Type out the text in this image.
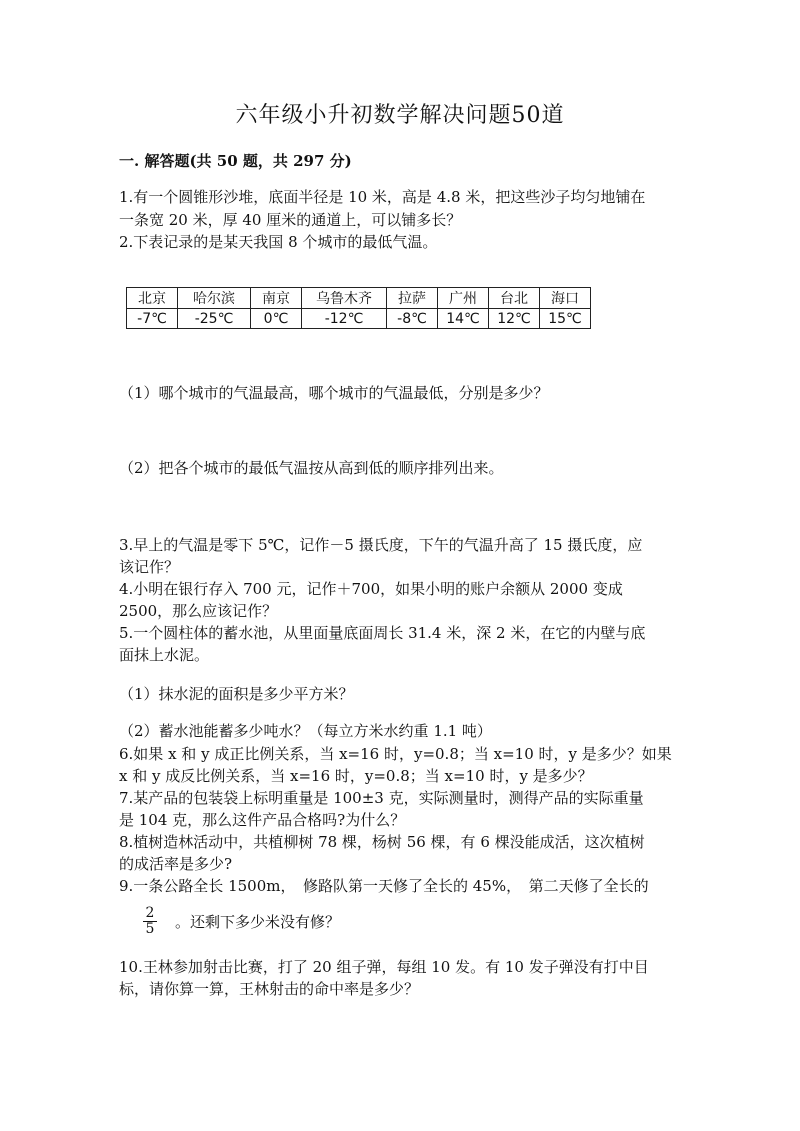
六年级小升初数学解决问题50道
一. 解答题(共 50 题，共 297 分)
1.有一个圆锥形沙堆，底面半径是 10 米，高是 4.8 米，把这些沙子均匀地铺在
一条宽 20 米，厚 40 厘米的通道上，可以铺多长？
2.下表记录的是某天我国 8 个城市的最低气温。
北京	哈尔滨	南京	乌鲁木齐	拉萨	广州	台北	海口
-7℃	-25℃	0℃	-12℃	-8℃	14℃	12℃	15℃
（1）哪个城市的气温最高，哪个城市的气温最低，分别是多少？
（2）把各个城市的最低气温按从高到低的顺序排列出来。
3.早上的气温是零下 5℃，记作－5 摄氏度，下午的气温升高了 15 摄氏度，应
该记作？
4.小明在银行存入 700 元，记作＋700，如果小明的账户余额从 2000 变成
2500，那么应该记作？
5.一个圆柱体的蓄水池，从里面量底面周长 31.4 米，深 2 米，在它的内壁与底
面抹上水泥。
（1）抹水泥的面积是多少平方米？
（2）蓄水池能蓄多少吨水？（每立方米水约重 1.1 吨）
6.如果 x 和 y 成正比例关系，当 x=16 时，y=0.8；当 x=10 时，y 是多少？如果
x 和 y 成反比例关系，当 x=16 时，y=0.8；当 x=10 时，y 是多少？
7.某产品的包装袋上标明重量是 100±3 克，实际测量时，测得产品的实际重量
是 104 克，那么这件产品合格吗?为什么？
8.植树造林活动中，共植柳树 78 棵，杨树 56 棵，有 6 棵没能成活，这次植树
的成活率是多少?
9.一条公路全长 1500m，　修路队第一天修了全长的 45%，　第二天修了全长的
$\frac{2}{5}$ 。还剩下多少米没有修？
10.王林参加射击比赛，打了 20 组子弹，每组 10 发。有 10 发子弹没有打中目
标，请你算一算，王林射击的命中率是多少？
